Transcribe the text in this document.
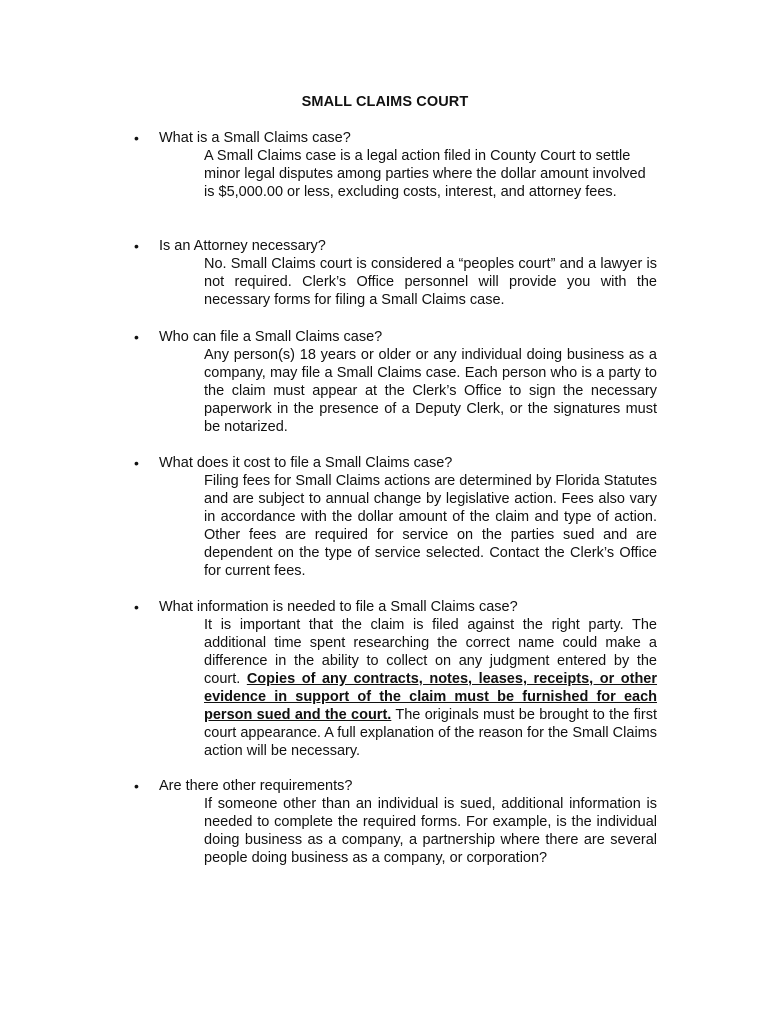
SMALL CLAIMS COURT
• What is a Small Claims case?
A Small Claims case is a legal action filed in County Court to settle minor legal disputes among parties where the dollar amount involved is $5,000.00 or less, excluding costs, interest, and attorney fees.
• Is an Attorney necessary?
No. Small Claims court is considered a “peoples court” and a lawyer is not required. Clerk’s Office personnel will provide you with the necessary forms for filing a Small Claims case.
• Who can file a Small Claims case?
Any person(s) 18 years or older or any individual doing business as a company, may file a Small Claims case. Each person who is a party to the claim must appear at the Clerk’s Office to sign the necessary paperwork in the presence of a Deputy Clerk, or the signatures must be notarized.
• What does it cost to file a Small Claims case?
Filing fees for Small Claims actions are determined by Florida Statutes and are subject to annual change by legislative action. Fees also vary in accordance with the dollar amount of the claim and type of action. Other fees are required for service on the parties sued and are dependent on the type of service selected. Contact the Clerk’s Office for current fees.
• What information is needed to file a Small Claims case?
It is important that the claim is filed against the right party. The additional time spent researching the correct name could make a difference in the ability to collect on any judgment entered by the court. Copies of any contracts, notes, leases, receipts, or other evidence in support of the claim must be furnished for each person sued and the court. The originals must be brought to the first court appearance. A full explanation of the reason for the Small Claims action will be necessary.
• Are there other requirements?
If someone other than an individual is sued, additional information is needed to complete the required forms. For example, is the individual doing business as a company, a partnership where there are several people doing business as a company, or corporation?
